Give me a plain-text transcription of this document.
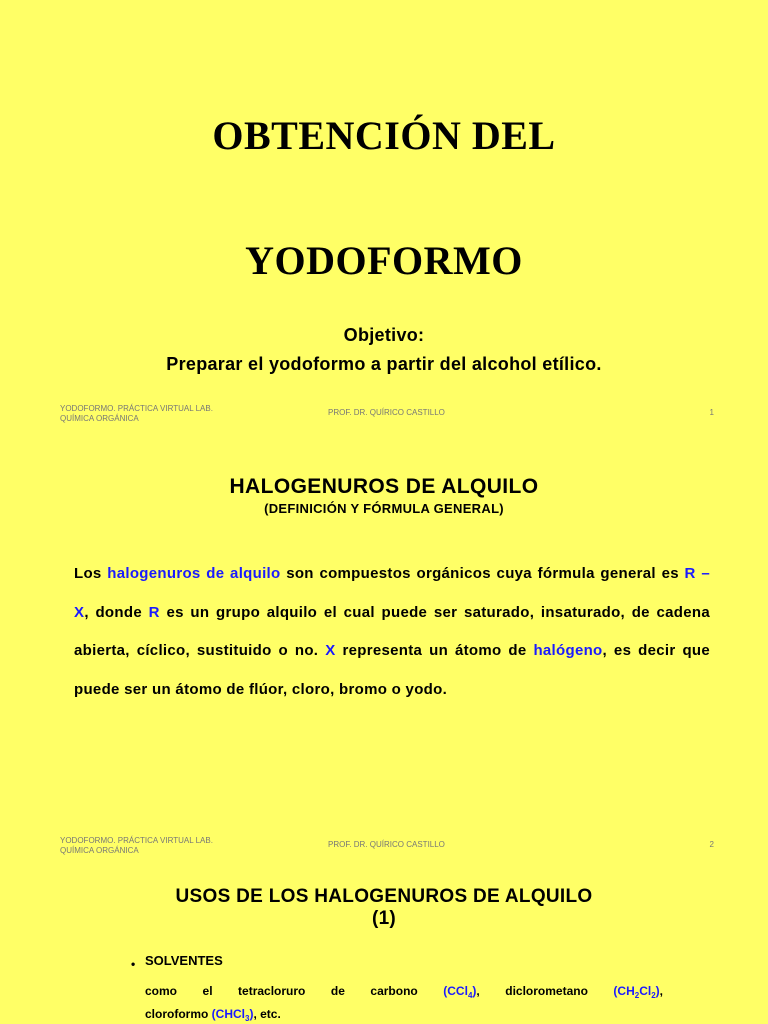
OBTENCIÓN DEL
YODOFORMO
Objetivo:
Preparar el yodoformo a partir del alcohol etílico.
YODOFORMO. PRÁCTICA VIRTUAL LAB.
QUÍMICA ORGÁNICA
PROF. DR. QUÍRICO CASTILLO	1
HALOGENUROS DE ALQUILO
(DEFINICIÓN Y FÓRMULA GENERAL)
Los halogenuros de alquilo son compuestos orgánicos cuya fórmula general es R – X, donde R es un grupo alquilo el cual puede ser saturado, insaturado, de cadena abierta, cíclico, sustituido o no. X representa un átomo de halógeno, es decir que puede ser un átomo de flúor, cloro, bromo o yodo.
YODOFORMO. PRÁCTICA VIRTUAL LAB.
QUÍMICA ORGÁNICA
PROF. DR. QUÍRICO CASTILLO	2
USOS DE LOS HALOGENUROS DE ALQUILO
(1)
• SOLVENTES
como el tetracloruro de carbono (CCl$_4$), diclorometano $(CH_2Cl_2)$,
cloroformo (CHCl$_3$), etc.
